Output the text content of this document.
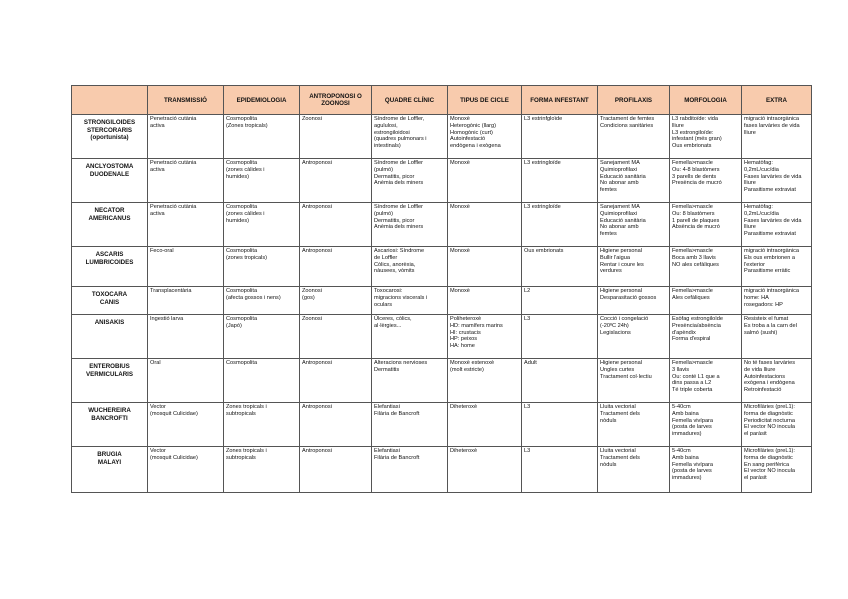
	TRANSMISSIÓ	EPIDEMIOLOGIA	ANTROPONOSI O ZOONOSI	QUADRE CLÍNIC	TIPUS DE CICLE	FORMA INFESTANT	PROFILAXIS	MORFOLOGIA	EXTRA

STRONGILOIDES
STERCORARIS
(oportunista)	Penetració cutània
activa	Cosmopolita
(Zones tropicals)	Zoonosi	Síndrome de Loffler,
agululosi,
estrongiloidosi
(quadres pulmonars i
intestinals)	Monoxè
Heterogònic (llarg)
Homogònic (curt)
Autoinfestació
endògena i exògena	L3 estrinfgloïde	Tractament de femtes
Condicions sanitàries	L3 rabditoïde: vida
lliure
L3 estrongiloïde:
infestant (més gran)
Ous embrionats	migració intraorgànica
fases larvàries de vida
lliure

ANCLYOSTOMA
DUODENALE	Penetració cutània
activa	Cosmopolita
(zones càlides i
humides)	Antroponosi	Síndrome de Loffler
(pulmó)
Dermatitis, picor
Anèmia dels miners	Monoxè	L3 estringloïde	Sanejament MA
Quimioprofilaxi
Educació sanitària
No abonar amb
femtes	Femella>mascle
Ou: 4-8 blastòmers
3 parells de dents
Presència de mucró	Hematòfag:
0,2mL/cuc/dia
Fases larvàries de vida
lliure
Parasitisme extraviat

NECATOR
AMERICANUS	Penetració cutània
activa	Cosmopolita
(zones càlides i
humides)	Antroponosi	Síndrome de Loffler
(pulmó)
Dermatitis, picor
Anèmia dels miners	Monoxè	L3 estringloïde	Sanejament MA
Quimioprofilaxi
Educació sanitària
No abonar amb
femtes	Femella>mascle
Ou: 8 blastòmers
1 parell de plaques
Absència de mucró	Hematòfag:
0,2mL/cuc/dia
Fases larvàries de vida
lliure
Parasitisme extraviat

ASCARIS
LUMBRICOIDES	Feco-oral	Cosmopolita
(zones tropicals)	Antroponosi	Ascariosi: Síndrome
de Loffler
Còlics, anorèxia,
nàusees, vòmits	Monoxè	Ous embrionats	Higiene personal
Bullir l'aigua
Rentar i coure les
verdures	Femella>mascle
Boca amb 3 llavis
NO ales cefàliques	migració intraorgànica
Els ous embrionen a
l'exterior
Parasitisme erràtic

TOXOCARA
CANIS	Transplacentària	Cosmopolita
(afecta gossos i nens)	Zoonosi
(gos)	Toxocarosi:
migracions viscerals i
oculars	Monoxè	L2	Higiene personal
Desparasitació gossos	Femella>mascle
Ales cefàliques	migració intraorgànica
home: HA
rosegadors: HP

ANISAKIS	Ingestió larva	Cosmopolita
(Japó)	Zoonosi	Úlceres, còlics,
al·lèrgies...	Poliheteroxè
HD: mamífers marins
HI: crustacis
HP: peixos
HA: home	L3	Cocció i congelació
(-20ºC 24h)
Legislacions	Esòfag estrongiloïde
Presència/absència
d'apèndix
Forma d'espiral	Resisteix el fumat
Es troba a la carn del
salmó (sushi)

ENTEROBIUS
VERMICULARIS	Oral	Cosmopolita	Antroponosi	Alteracions nervioses
Dermatitis	Monoxè estenoxè
(molt estricte)	Adult	Higiene personal
Ungles curtes
Tractament col·lectiu	Femella>mascle
3 llavis
Ou: conté L1 que a
dins passa a L2
Té triple coberta	No té fases larvàries
de vida lliure
Autoinfestacions
exògena i endògena
Retroinfestació

WUCHEREIRA
BANCROFTI	Vector
(mosquit Culicidae)	Zones tropicals i
subtropicals	Antroponosi	Elefantiasi
Filària de Bancroft	Diheteroxè	L3	Lluita vectorial
Tractament dels
nòduls	5-40cm
Amb baina
Femella vivípara
(posta de larves
immadures)	Microfilàries (preL1):
forma de diagnòstic
Periodicitat nocturna
El vector NO inocula
el paràsit

BRUGIA
MALAYI	Vector
(mosquit Culicidae)	Zones tropicals i
subtropicals	Antroponosi	Elefantiasi
Filària de Bancroft	Diheteroxè	L3	Lluita vectorial
Tractament dels
nòduls	5-40cm
Amb baina
Femella vivípara
(posta de larves
immadures)	Microfilàries (preL1):
forma de diagnòstic
En sang perifèrica
El vector NO inocula
el paràsit
